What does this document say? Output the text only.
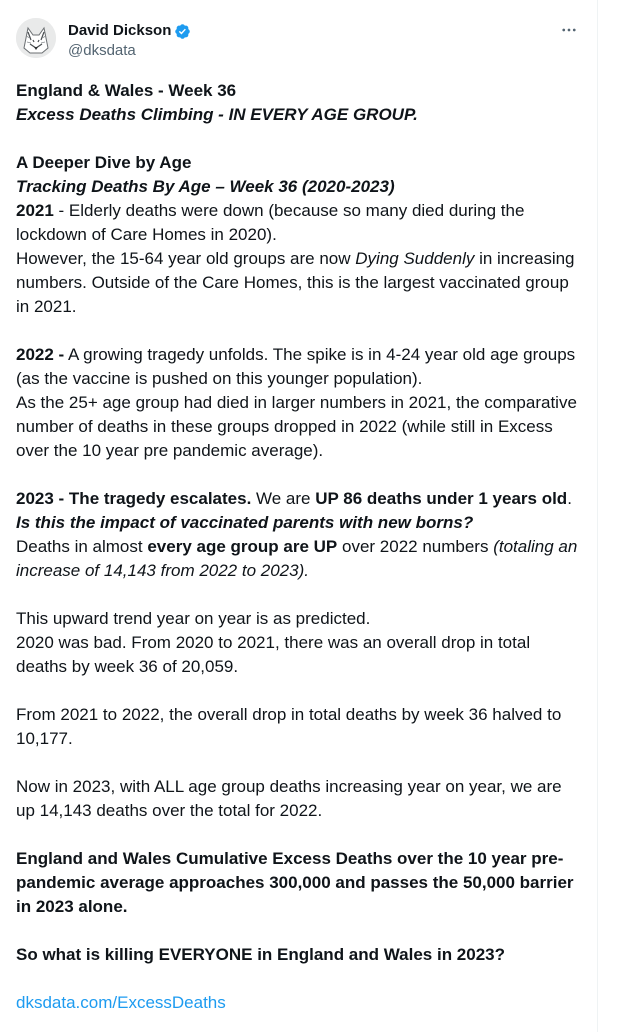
David Dickson
@dksdata

England & Wales - Week 36

Excess Deaths Climbing - IN EVERY AGE GROUP.

A Deeper Dive by Age

Tracking Deaths By Age – Week 36 (2020-2023)

2021 - Elderly deaths were down (because so many died during the lockdown of Care Homes in 2020).

However, the 15-64 year old groups are now Dying Suddenly in increasing numbers. Outside of the Care Homes, this is the largest vaccinated group in 2021.

2022 - A growing tragedy unfolds. The spike is in 4-24 year old age groups (as the vaccine is pushed on this younger population).

As the 25+ age group had died in larger numbers in 2021, the comparative number of deaths in these groups dropped in 2022 (while still in Excess over the 10 year pre pandemic average).

2023 - The tragedy escalates. We are UP 86 deaths under 1 years old.

Is this the impact of vaccinated parents with new borns?

Deaths in almost every age group are UP over 2022 numbers (totaling an increase of 14,143 from 2022 to 2023).

This upward trend year on year is as predicted.

2020 was bad. From 2020 to 2021, there was an overall drop in total deaths by week 36 of 20,059.

From 2021 to 2022, the overall drop in total deaths by week 36 halved to 10,177.

Now in 2023, with ALL age group deaths increasing year on year, we are up 14,143 deaths over the total for 2022.

England and Wales Cumulative Excess Deaths over the 10 year pre-pandemic average approaches 300,000 and passes the 50,000 barrier in 2023 alone.

So what is killing EVERYONE in England and Wales in 2023?

dksdata.com/ExcessDeaths
